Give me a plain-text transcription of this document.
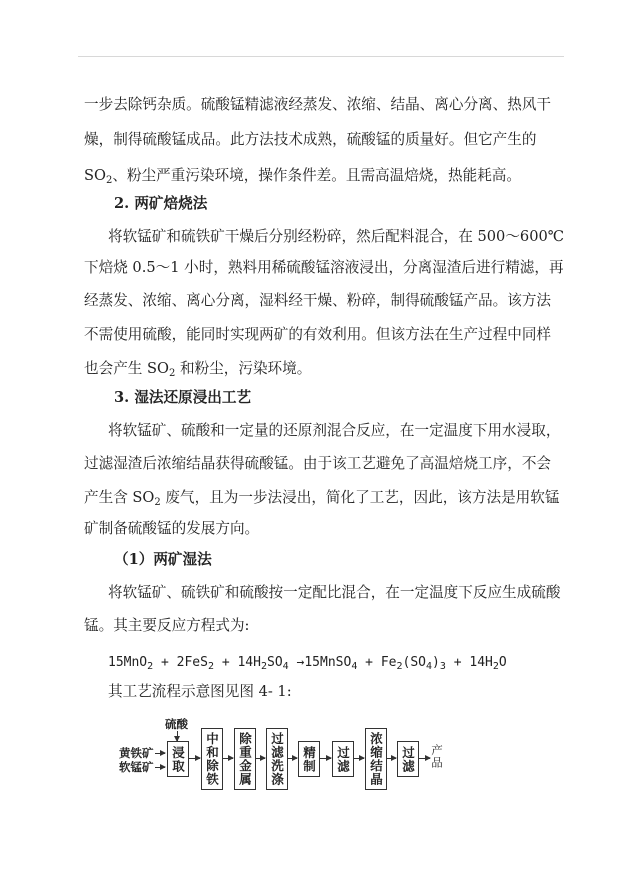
一步去除钙杂质。硫酸锰精滤液经蒸发、浓缩、结晶、离心分离、热风干
燥，制得硫酸锰成品。此方法技术成熟，硫酸锰的质量好。但它产生的
$SO_2$、粉尘严重污染环境，操作条件差。且需高温焙烧，热能耗高。
2. 两矿焙烧法
将软锰矿和硫铁矿干燥后分别经粉碎，然后配料混合，在 500～600℃
下焙烧 0.5～1 小时，熟料用稀硫酸锰溶液浸出，分离湿渣后进行精滤，再
经蒸发、浓缩、离心分离，湿料经干燥、粉碎，制得硫酸锰产品。该方法
不需使用硫酸，能同时实现两矿的有效利用。但该方法在生产过程中同样
也会产生 $SO_2$ 和粉尘，污染环境。
3. 湿法还原浸出工艺
将软锰矿、硫酸和一定量的还原剂混合反应，在一定温度下用水浸取，
过滤湿渣后浓缩结晶获得硫酸锰。由于该工艺避免了高温焙烧工序，不会
产生含 $SO_2$ 废气，且为一步法浸出，简化了工艺，因此，该方法是用软锰
矿制备硫酸锰的发展方向。
（1）两矿湿法
将软锰矿、硫铁矿和硫酸按一定配比混合，在一定温度下反应生成硫酸
锰。其主要反应方程式为:
$15MnO_2 + 2FeS_2 + 14H_2SO_4$ →15MnSO$_4$ + $Fe_2(SO_4)_3 + 14H_2O$
其工艺流程示意图见图 4- 1:
硫酸
黄铁矿
软锰矿 浸取 中和除铁 除重金属 过滤洗涤 精制 过滤 浓缩结晶 过滤 产品
